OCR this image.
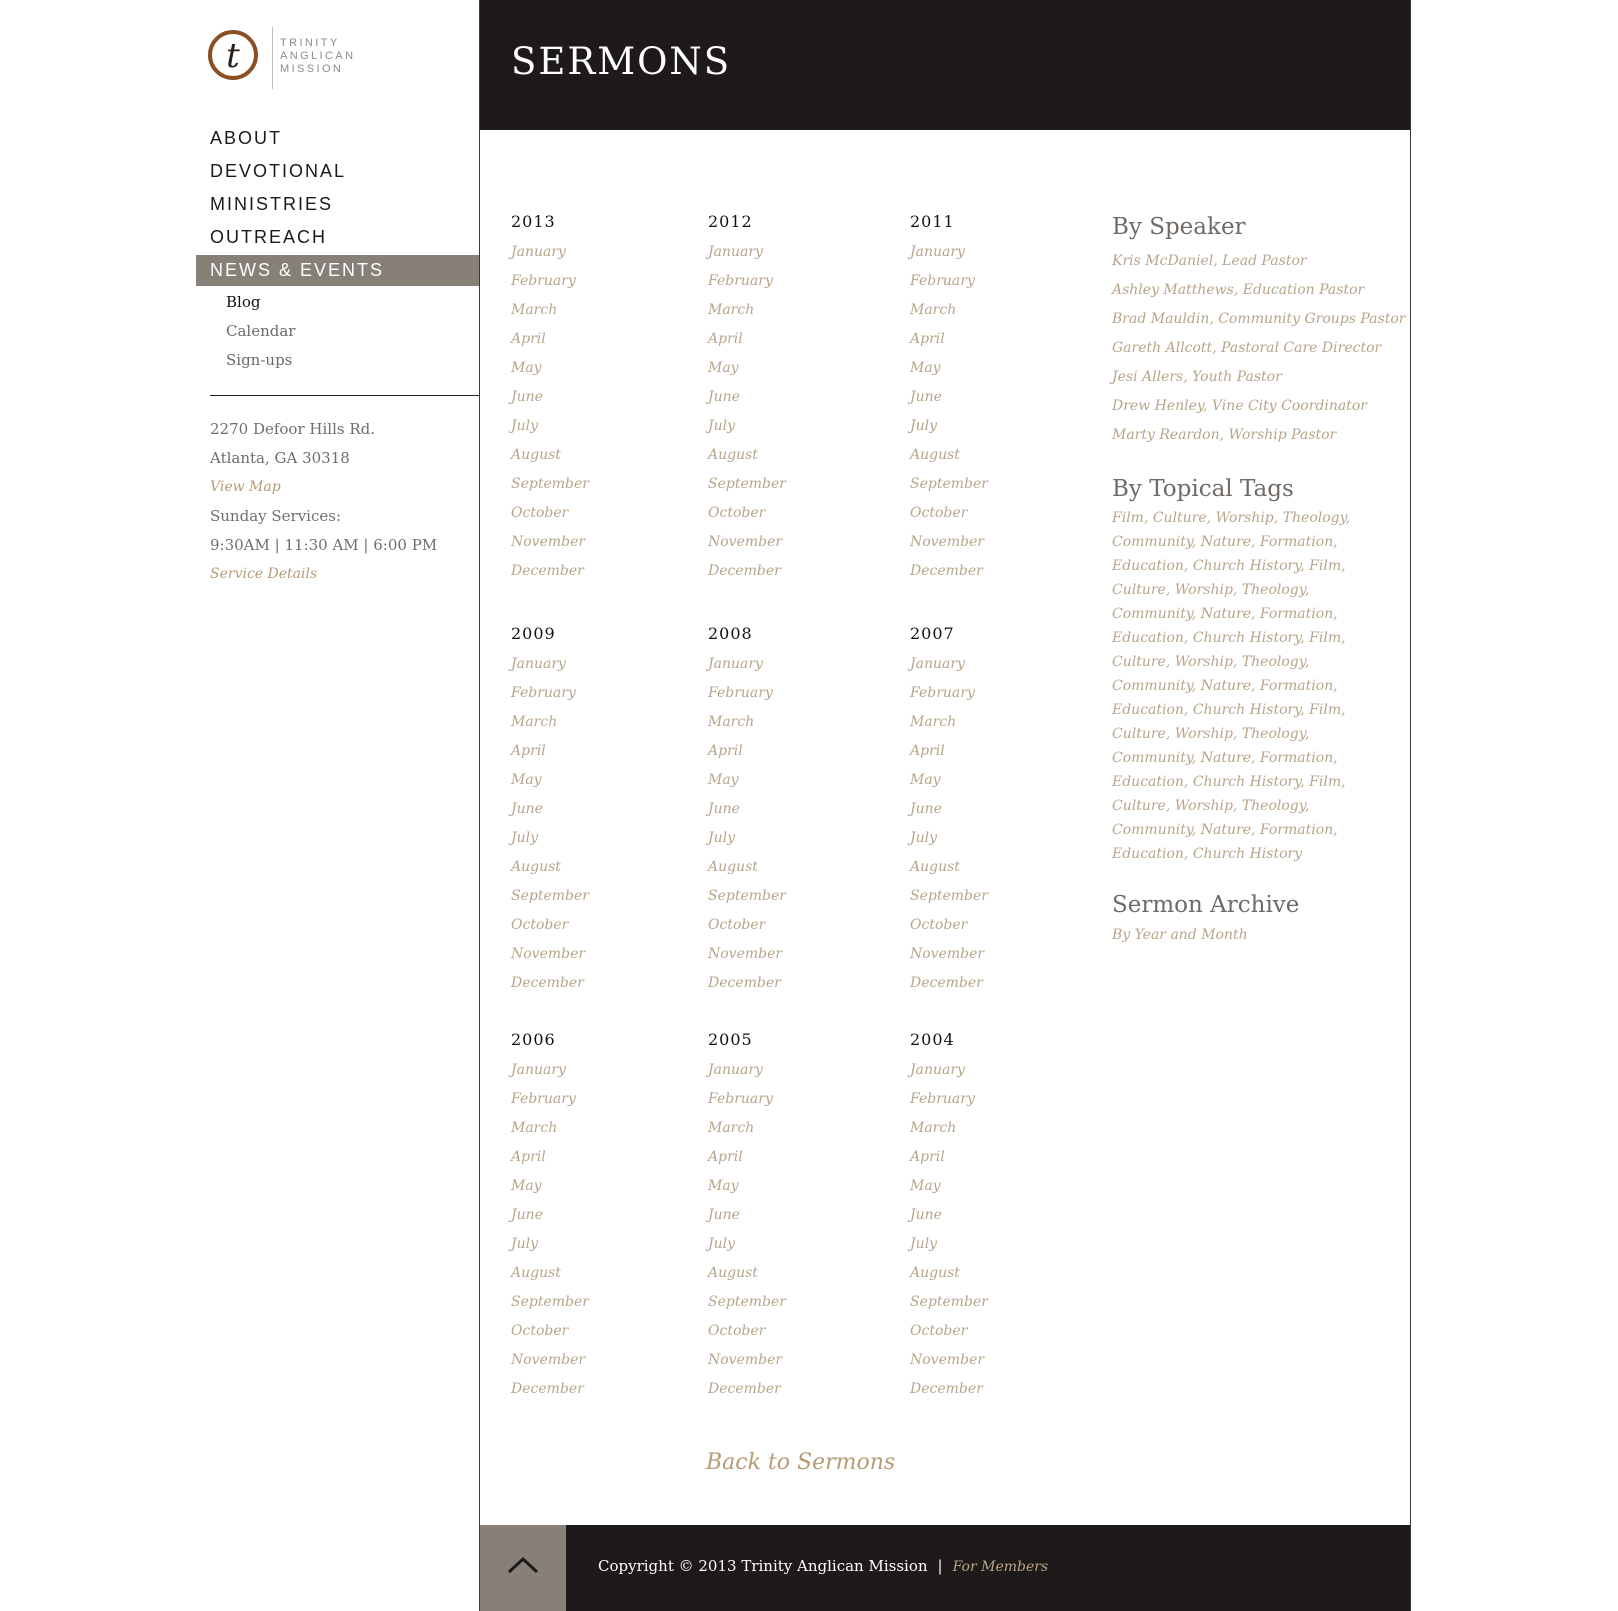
t	TRINITY
ANGLICAN
MISSION
ABOUT
DEVOTIONAL
MINISTRIES
OUTREACH
NEWS & EVENTS
Blog
Calendar
Sign-ups
2270 Defoor Hills Rd.
Atlanta, GA 30318
View Map
Sunday Services:
9:30AM | 11:30 AM | 6:00 PM
Service Details
SERMONS
2013
January
February
March
April
May
June
July
August
September
October
November
December
2012
January
February
March
April
May
June
July
August
September
October
November
December
2011
January
February
March
April
May
June
July
August
September
October
November
December
2009
January
February
March
April
May
June
July
August
September
October
November
December
2008
January
February
March
April
May
June
July
August
September
October
November
December
2007
January
February
March
April
May
June
July
August
September
October
November
December
2006
January
February
March
April
May
June
July
August
September
October
November
December
2005
January
February
March
April
May
June
July
August
September
October
November
December
2004
January
February
March
April
May
June
July
August
September
October
November
December
By Speaker
Kris McDaniel, Lead Pastor
Ashley Matthews, Education Pastor
Brad Mauldin, Community Groups Pastor
Gareth Allcott, Pastoral Care Director
Jesi Allers, Youth Pastor
Drew Henley, Vine City Coordinator
Marty Reardon, Worship Pastor
By Topical Tags
Film, Culture, Worship, Theology, Community, Nature, Formation, Education, Church History, Film, Culture, Worship, Theology, Community, Nature, Formation, Education, Church History, Film, Culture, Worship, Theology, Community, Nature, Formation, Education, Church History, Film, Culture, Worship, Theology, Community, Nature, Formation, Education, Church History, Film, Culture, Worship, Theology, Community, Nature, Formation, Education, Church History
Sermon Archive
By Year and Month
Back to Sermons
Copyright © 2013 Trinity Anglican Mission | For Members
